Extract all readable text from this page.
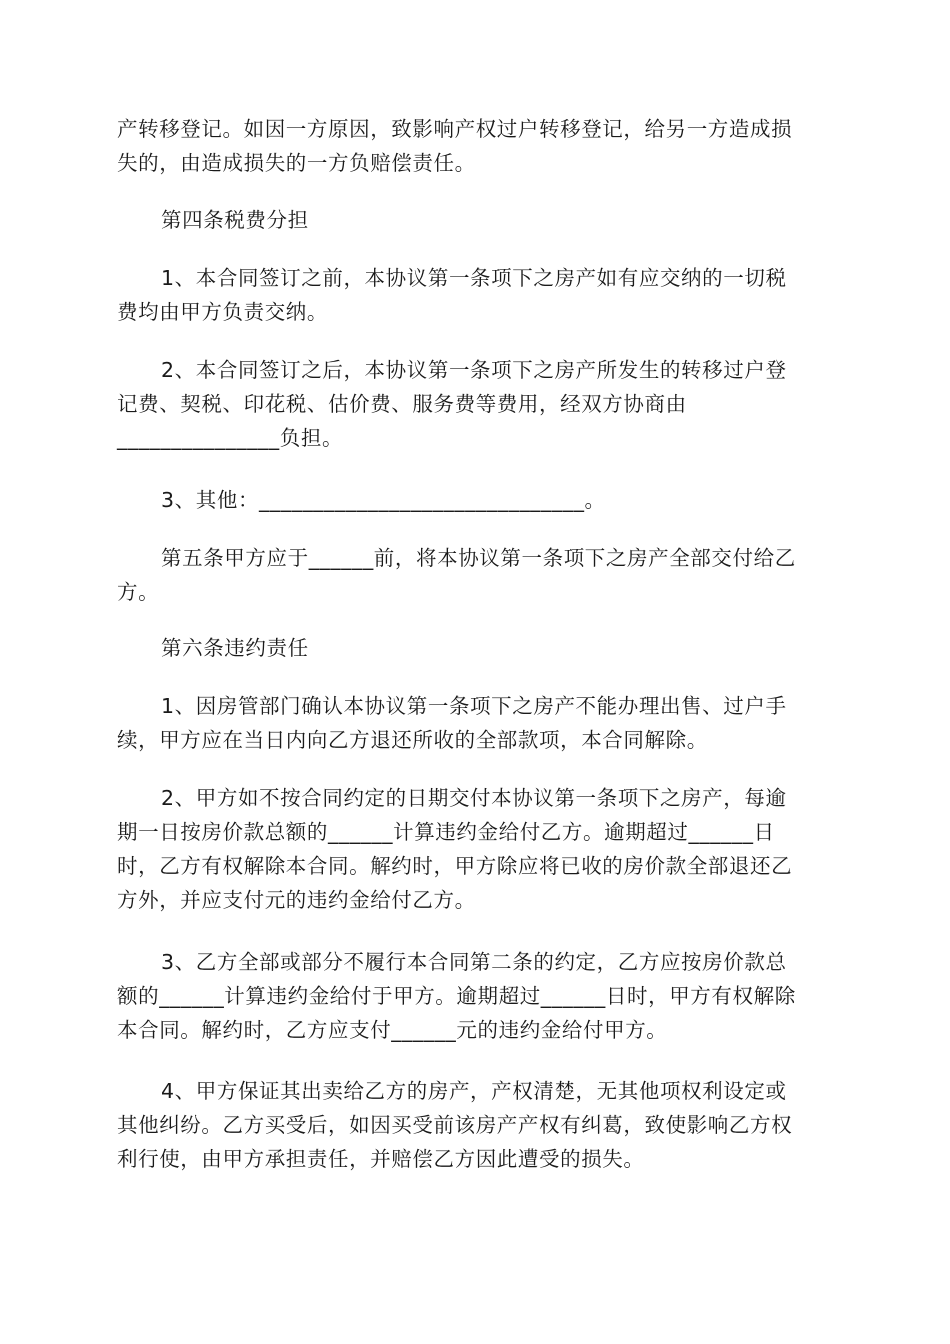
产转移登记。如因一方原因，致影响产权过户转移登记，给另一方造成损
失的，由造成损失的一方负赔偿责任。

第四条税费分担

1、本合同签订之前，本协议第一条项下之房产如有应交纳的一切税
费均由甲方负责交纳。

2、本合同签订之后，本协议第一条项下之房产所发生的转移过户登
记费、契税、印花税、估价费、服务费等费用，经双方协商由
_______________负担。

3、其他：______________________________。

第五条甲方应于______前，将本协议第一条项下之房产全部交付给乙
方。

第六条违约责任

1、因房管部门确认本协议第一条项下之房产不能办理出售、过户手
续，甲方应在当日内向乙方退还所收的全部款项，本合同解除。

2、甲方如不按合同约定的日期交付本协议第一条项下之房产，每逾
期一日按房价款总额的______计算违约金给付乙方。逾期超过______日
时，乙方有权解除本合同。解约时，甲方除应将已收的房价款全部退还乙
方外，并应支付元的违约金给付乙方。

3、乙方全部或部分不履行本合同第二条的约定，乙方应按房价款总
额的______计算违约金给付于甲方。逾期超过______日时，甲方有权解除
本合同。解约时，乙方应支付______元的违约金给付甲方。

4、甲方保证其出卖给乙方的房产，产权清楚，无其他项权利设定或
其他纠纷。乙方买受后，如因买受前该房产产权有纠葛，致使影响乙方权
利行使，由甲方承担责任，并赔偿乙方因此遭受的损失。
